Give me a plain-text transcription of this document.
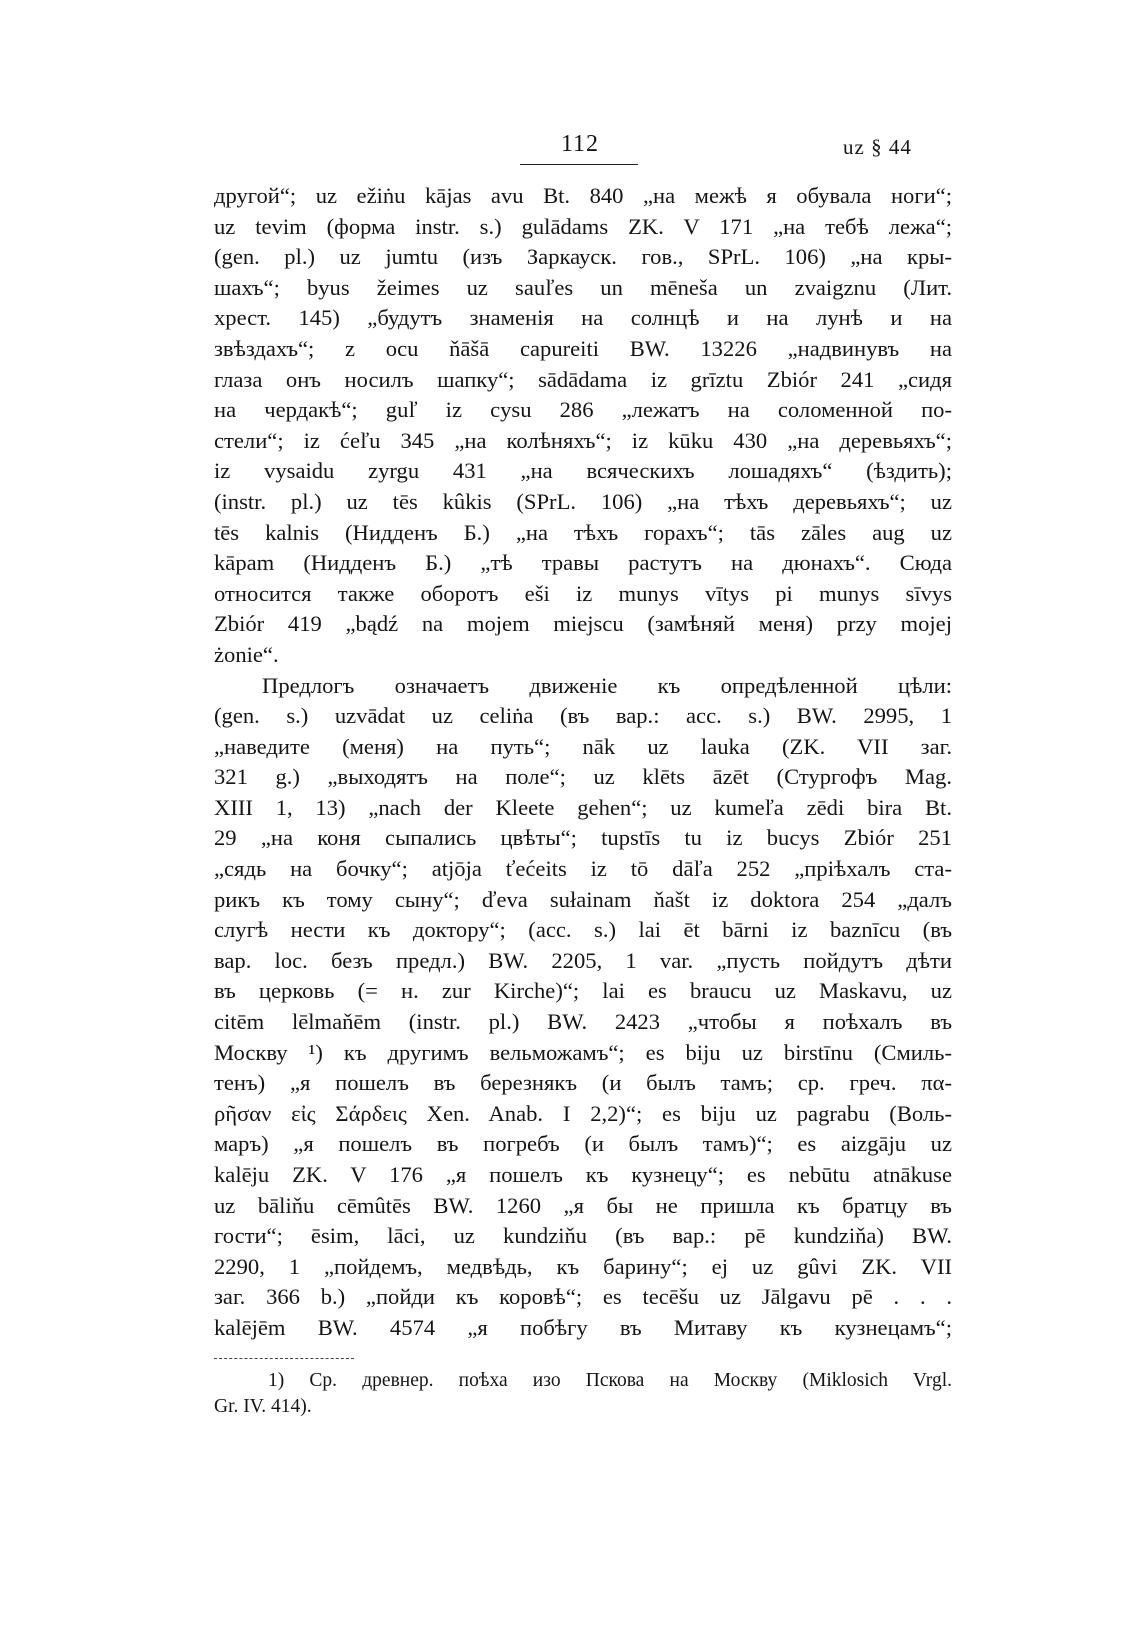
112	uz § 44
другой“; uz ežiṅu kājas avu Bt. 840 „на межѣ я обувала ноги“;
uz tevim (форма instr. s.) gulādams ZK. V 171 „на тебѣ лежа“;
(gen. pl.) uz jumtu (изъ Заркауск. гов., SPrL. 106) „на кры-
шахъ“; byus žeimes uz sauľes un mēneša un zvaigznu (Лит.
хрест. 145) „будутъ знаменія на солнцѣ и на лунѣ и на
звѣздахъ“; z ocu ňāšā capureiti BW. 13226 „надвинувъ на
глаза онъ носилъ шапку“; sādādama iz grīztu Zbiór 241 „сидя
на чердакѣ“; guľ iz cysu 286 „лежатъ на соломенной по-
стели“; iz ćeľu 345 „на колѣняхъ“; iz kūku 430 „на деревьяхъ“;
iz vysaidu zyrgu 431 „на всяческихъ лошадяхъ“ (ѣздить);
(instr. pl.) uz tēs kûkis (SPrL. 106) „на тѣхъ деревьяхъ“; uz
tēs kalnis (Нидденъ Б.) „на тѣхъ горахъ“; tās zāles aug uz
kāpam (Нидденъ Б.) „тѣ травы растутъ на дюнахъ“. Сюда
относится также оборотъ eši iz munys vītys pi munys sīvys
Zbiór 419 „bądź na mojem miejscu (замѣняй меня) przy mojej
żonie“.
Предлогъ означаетъ движеніе къ опредѣленной цѣли:
(gen. s.) uzvādat uz celiṅa (въ вар.: acc. s.) BW. 2995, 1
„наведите (меня) на путь“; nāk uz lauka (ZK. VII заг.
321 g.) „выходятъ на поле“; uz klēts āzēt (Стургофъ Mag.
XIII 1, 13) „nach der Kleete gehen“; uz kumeľa zēdi bira Bt.
29 „на коня сыпались цвѣты“; tupstīs tu iz bucys Zbiór 251
„сядь на бочку“; atjōja ťećeits iz tō dāľa 252 „пріѣхалъ ста-
рикъ къ тому сыну“; ďeva sułainam ňašt iz doktora 254 „далъ
слугѣ нести къ доктору“; (acc. s.) lai ēt bārni iz baznīcu (въ
вар. loc. безъ предл.) BW. 2205, 1 var. „пусть пойдутъ дѣти
въ церковь (= н. zur Kirche)“; lai es braucu uz Maskavu, uz
citēm lēlmaňēm (instr. pl.) BW. 2423 „чтобы я поѣхалъ въ
Москву ¹) къ другимъ вельможамъ“; es biju uz birstīnu (Смиль-
тенъ) „я пошелъ въ березнякъ (и былъ тамъ; ср. греч. πα-
ρῆσαν εἰς Σάρδεις Xen. Anab. I 2,2)“; es biju uz pagrabu (Воль-
маръ) „я пошелъ въ погребъ (и былъ тамъ)“; es aizgāju uz
kalēju ZK. V 176 „я пошелъ къ кузнецу“; es nebūtu atnākuse
uz bāliňu cēmûtēs BW. 1260 „я бы не пришла къ братцу въ
гости“; ēsim, lāci, uz kundziňu (въ вар.: pē kundziňa) BW.
2290, 1 „пойдемъ, медвѣдь, къ барину“; ej uz gûvi ZK. VII
заг. 366 b.) „пойди къ коровѣ“; es tecēšu uz Jālgavu pē . . .
kalējēm BW. 4574 „я побѣгу въ Митаву къ кузнецамъ“;
1) Ср. древнер. поѣха изо Пскова на Москву (Miklosich Vrgl.
Gr. IV. 414).
